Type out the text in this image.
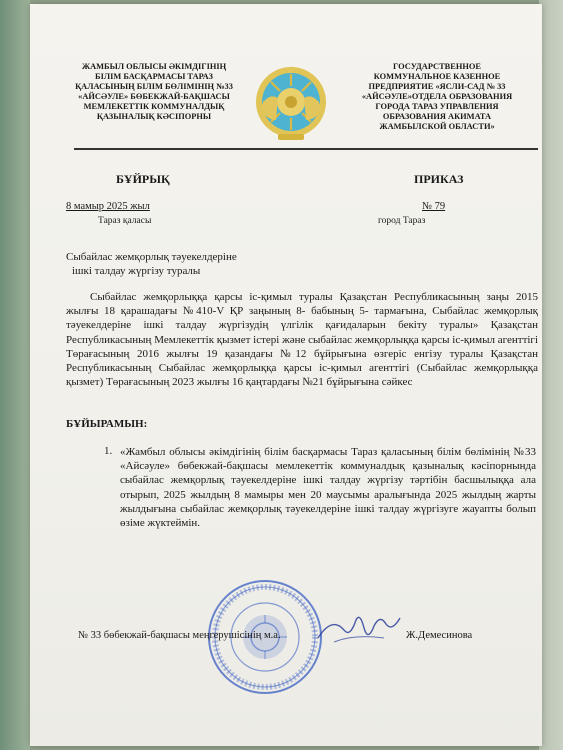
ЖАМБЫЛ ОБЛЫСЫ ӘКІМДІГІНІҢ
БІЛІМ БАСҚАРМАСЫ ТАРАЗ
ҚАЛАСЫНЫҢ БІЛІМ БӨЛІМІНІҢ №33
«АЙСӘУЛЕ» БӨБЕКЖАЙ-БАҚШАСЫ
МЕМЛЕКЕТТІК КОММУНАЛДЫҚ
ҚАЗЫНАЛЫҚ КӘСІПОРНЫ
ГОСУДАРСТВЕННОЕ
КОММУНАЛЬНОЕ КАЗЕННОЕ
ПРЕДПРИЯТИЕ «ЯСЛИ-САД № 33
«АЙСӘУЛЕ»ОТДЕЛА ОБРАЗОВАНИЯ
ГОРОДА ТАРАЗ УПРАВЛЕНИЯ
ОБРАЗОВАНИЯ АКИМАТА
ЖАМБЫЛСКОЙ ОБЛАСТИ»
БҰЙРЫҚ	ПРИКАЗ
8 мамыр 2025 жыл
Тараз қаласы
№ 79
город Тараз
Сыбайлас жемқорлық тәуекелдеріне
ішкі талдау жүргізу туралы
Сыбайлас жемқорлыққа қарсы іс-қимыл туралы Қазақстан Республикасының заңы 2015 жылғы 18 қарашадағы №410-V ҚР заңының 8- бабының 5- тармағына, Сыбайлас жемқорлық тәуекелдеріне ішкі талдау жүргізудің үлгілік қағидаларын бекіту туралы» Қазақстан Республикасының Мемлекеттік қызмет істері және сыбайлас жемқорлыққа қарсы іс-қимыл агенттігі Төрағасының 2016 жылғы 19 қазандағы №12 бұйрығына өзгеріс енгізу туралы Қазақстан Республикасының Сыбайлас жемқорлыққа қарсы іс-қимыл агенттігі (Сыбайлас жемқорлыққа қызмет) Төрағасының 2023 жылғы 16 қаңтардағы №21 бұйрығына сәйкес
БҰЙЫРАМЫН:
1. «Жамбыл облысы әкімдігінің білім басқармасы Тараз қаласының білім бөлімінің №33 «Айсәуле» бөбекжай-бақшасы мемлекеттік коммуналдық қазыналық кәсіпорнында сыбайлас жемқорлық тәуекелдеріне ішкі талдау жүргізу тәртібін басшылыққа ала отырып, 2025 жылдың 8 мамыры мен 20 маусымы аралығында 2025 жылдың жарты жылдығына сыбайлас жемқорлық тәуекелдеріне ішкі талдау жүргізуге жауапты болып өзіме жүктеймін.
№ 33 бөбекжай-бақшасы меңгерушісінің м.а.	Ж.Демесинова
